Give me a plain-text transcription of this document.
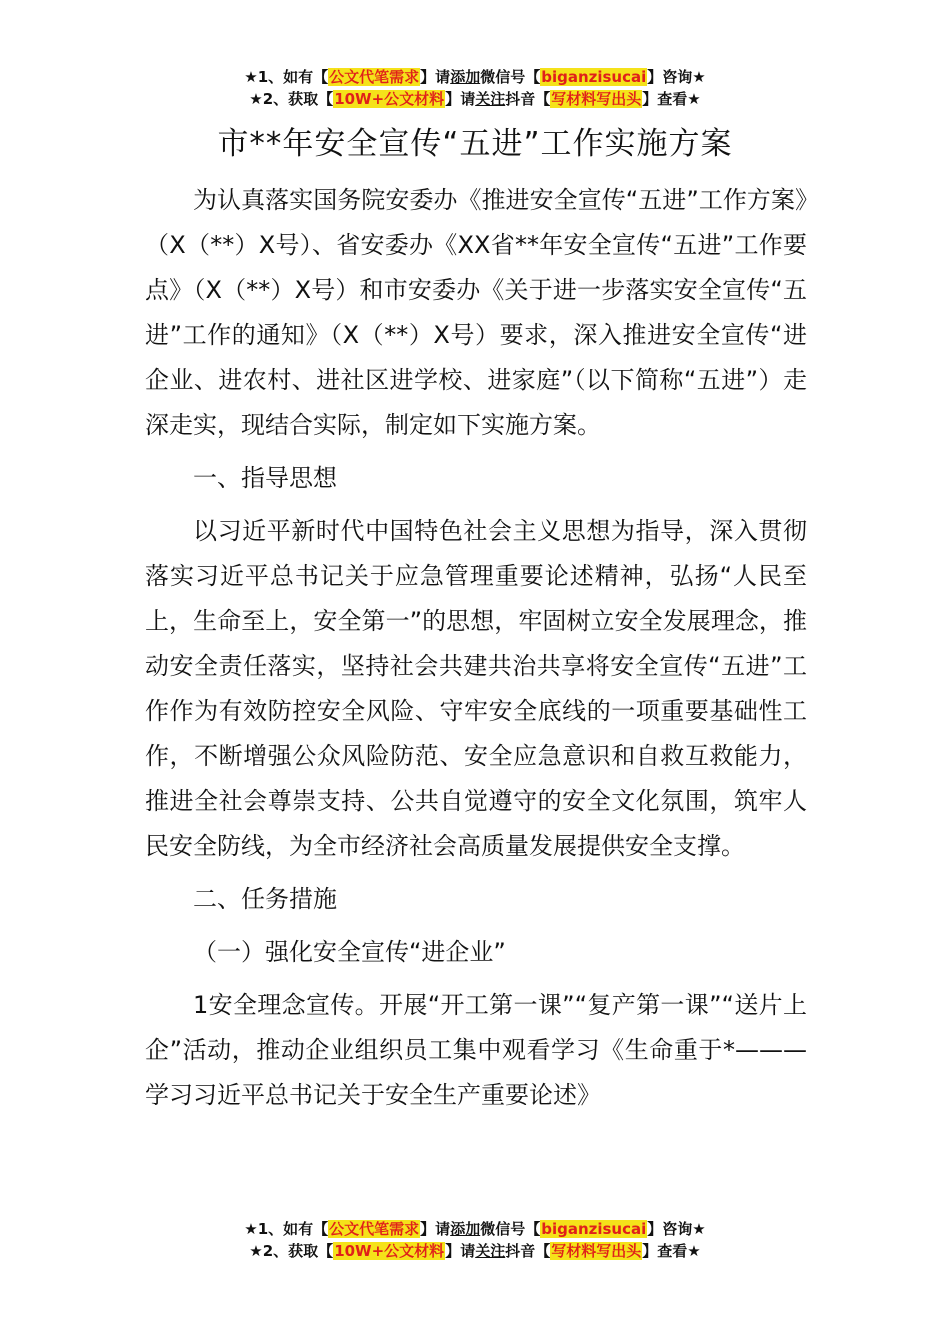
★1、如有【公文代笔需求】请添加微信号【biganzisucai】咨询★
★2、获取【10W+公文材料】请关注抖音【写材料写出头】查看★
市**年安全宣传“五进”工作实施方案

为认真落实国务院安委办《推进安全宣传“五进”工作方案》（X（**）X号）、省安委办《XX省**年安全宣传“五进”工作要点》（X（**）X号）和市安委办《关于进一步落实安全宣传“五进”工作的通知》（X（**）X号）要求，深入推进安全宣传“进企业、进农村、进社区进学校、进家庭”（以下简称“五进”）走深走实，现结合实际，制定如下实施方案。

一、指导思想

以习近平新时代中国特色社会主义思想为指导，深入贯彻落实习近平总书记关于应急管理重要论述精神，弘扬“人民至上，生命至上，安全第一”的思想，牢固树立安全发展理念，推动安全责任落实，坚持社会共建共治共享将安全宣传“五进”工作作为有效防控安全风险、守牢安全底线的一项重要基础性工作，不断增强公众风险防范、安全应急意识和自救互救能力，推进全社会尊崇支持、公共自觉遵守的安全文化氛围，筑牢人民安全防线，为全市经济社会高质量发展提供安全支撑。

二、任务措施

（一）强化安全宣传“进企业”

1安全理念宣传。开展“开工第一课”“复产第一课”“送片上企”活动，推动企业组织员工集中观看学习《生命重于*———学习习近平总书记关于安全生产重要论述》

★1、如有【公文代笔需求】请添加微信号【biganzisucai】咨询★
★2、获取【10W+公文材料】请关注抖音【写材料写出头】查看★
